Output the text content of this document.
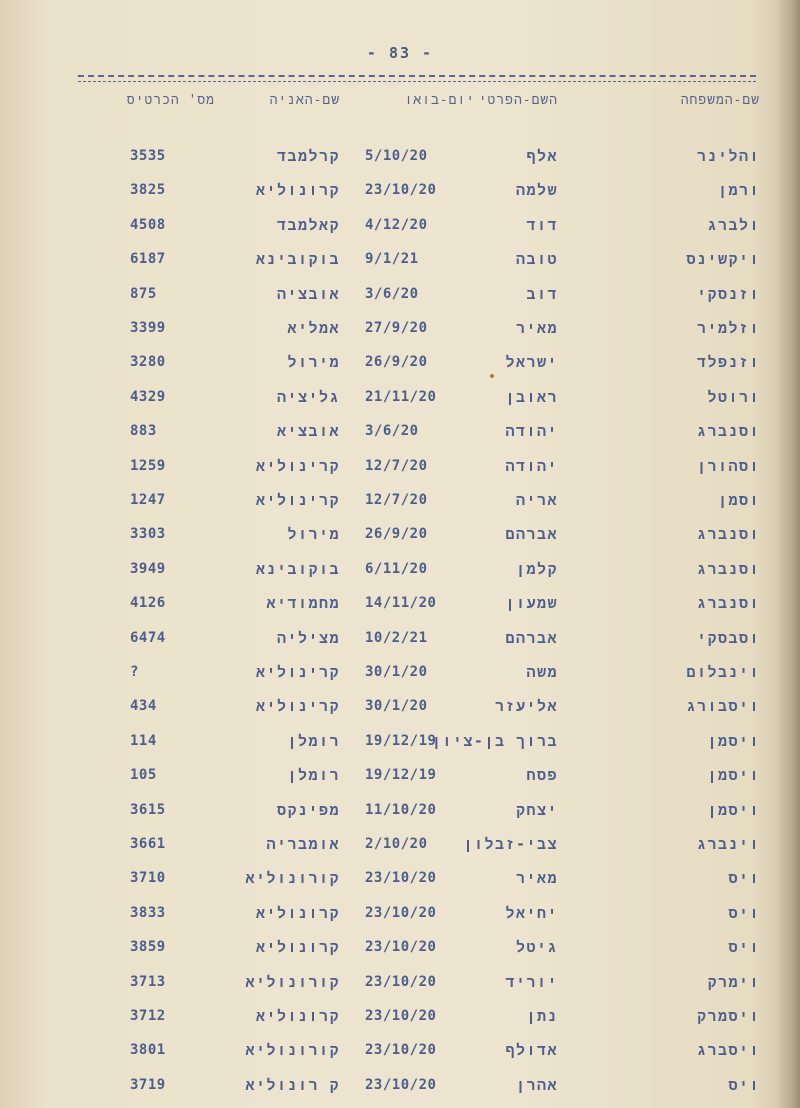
- 83 -
שם-המשפחה
השם-הפרטי
יום-בואו
שם-האניה
מס' הכרטיס
והלינר
אלף
5/10/20
קרלמבד
3535
ורמן
שלמה
23/10/20
קרונוליא
3825
ולברג
דוד
4/12/20
קאלמבד
4508
ויקשינס
טובה
9/1/21
בוקובינא
6187
וזנסקי
דוב
3/6/20
אובציה
875
וזלמיר
מאיר
27/9/20
אמליא
3399
וזנפלד
ישראל
26/9/20
מירול
3280
ורוטל
ראובן
21/11/20
גליציה
4329
וסנברג
יהודה
3/6/20
אובציא
883
וסהורן
יהודה
12/7/20
קרינוליא
1259
וסמן
אריה
12/7/20
קרינוליא
1247
וסנברג
אברהם
26/9/20
מירול
3303
וסנברג
קלמן
6/11/20
בוקובינא
3949
וסנברג
שמעון
14/11/20
מחמודיא
4126
וסבסקי
אברהם
10/2/21
מציליה
6474
וינבלום
משה
30/1/20
קרינוליא
?
ויסבורג
אליעזר
30/1/20
קרינוליא
434
ויסמן
ברוך בן-ציון
19/12/19
רומלן
114
ויסמן
פסח
19/12/19
רומלן
105
ויסמן
יצחק
11/10/20
מפינקס
3615
וינברג
צבי-זבלון
2/10/20
אומבריה
3661
ויס
מאיר
23/10/20
קורונוליא
3710
ויס
יחיאל
23/10/20
קרונוליא
3833
ויס
גיטל
23/10/20
קרונוליא
3859
וימרק
יוריד
23/10/20
קורונוליא
3713
ויסמרק
נתן
23/10/20
קרונוליא
3712
ויסברג
אדולף
23/10/20
קורונוליא
3801
ויס
אהרן
23/10/20
ק רונוליא
3719
